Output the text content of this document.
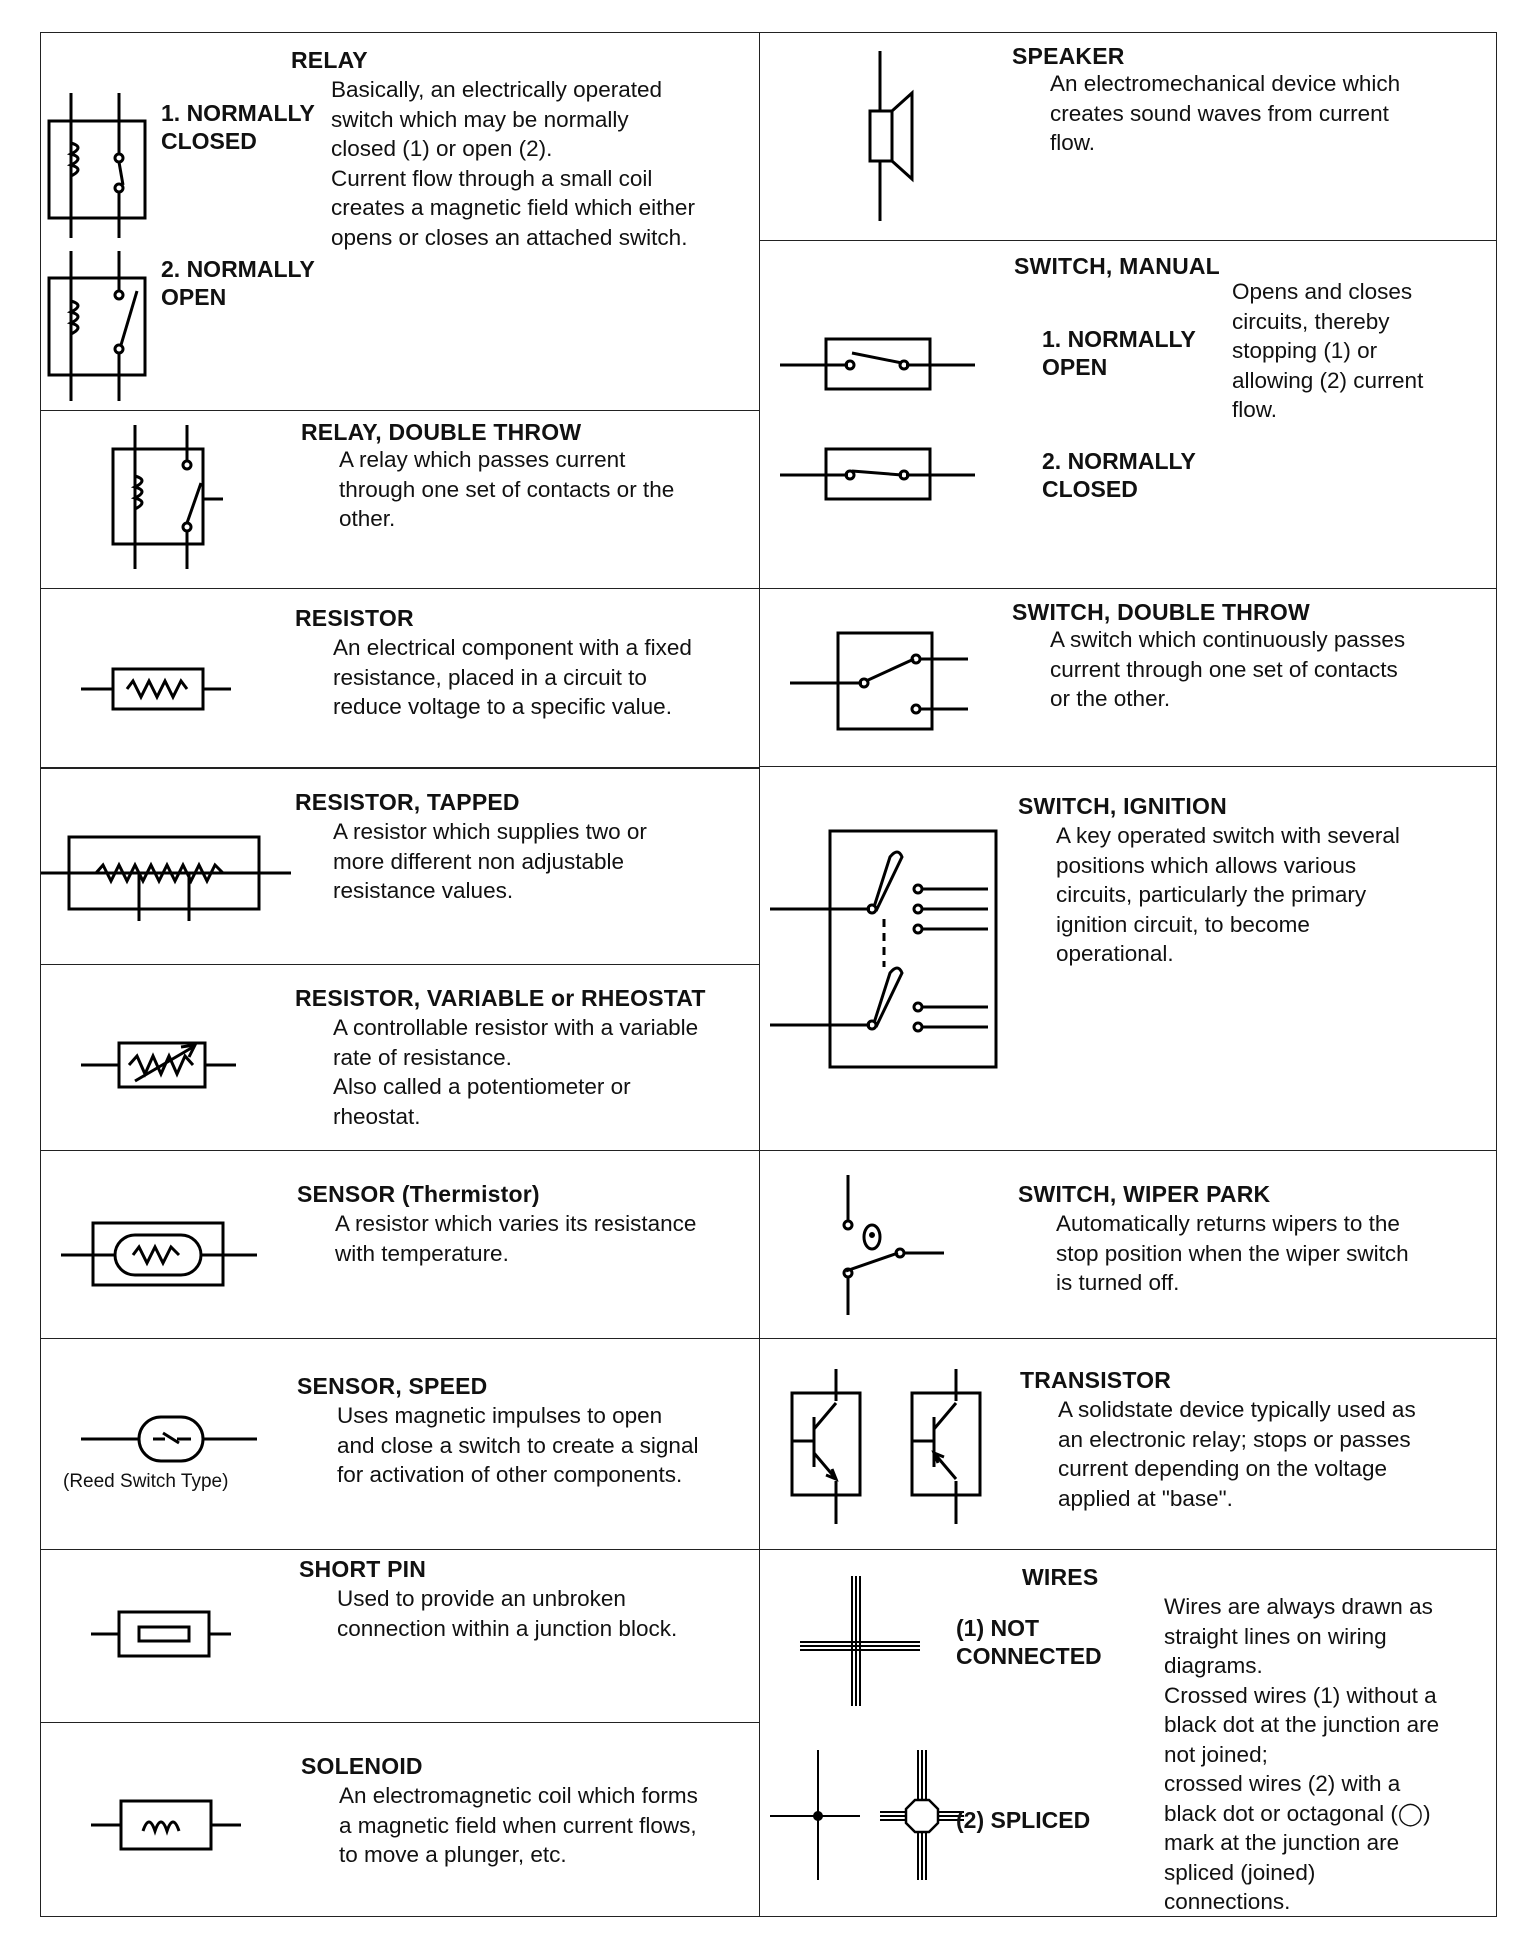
RELAY
Basically, an electrically operated
switch which may be normally
closed (1) or open (2).
Current flow through a small coil
creates a magnetic field which either
opens or closes an attached switch.
1. NORMALLY
CLOSED
2. NORMALLY
OPEN
RELAY, DOUBLE THROW
A relay which passes current
through one set of contacts or the
other.
RESISTOR
An electrical component with a fixed
resistance, placed in a circuit to
reduce voltage to a specific value.
RESISTOR, TAPPED
A resistor which supplies two or
more different non adjustable
resistance values.
RESISTOR, VARIABLE or RHEOSTAT
A controllable resistor with a variable
rate of resistance.
Also called a potentiometer or
rheostat.
SENSOR (Thermistor)
A resistor which varies its resistance
with temperature.
(Reed Switch Type)
SENSOR, SPEED
Uses magnetic impulses to open
and close a switch to create a signal
for activation of other components.
SHORT PIN
Used to provide an unbroken
connection within a junction block.
SOLENOID
An electromagnetic coil which forms
a magnetic field when current flows,
to move a plunger, etc.
SPEAKER
An electromechanical device which
creates sound waves from current
flow.
SWITCH, MANUAL
1. NORMALLY
OPEN
2. NORMALLY
CLOSED
Opens and closes
circuits, thereby
stopping (1) or
allowing (2) current
flow.
SWITCH, DOUBLE THROW
A switch which continuously passes
current through one set of contacts
or the other.
SWITCH, IGNITION
A key operated switch with several
positions which allows various
circuits, particularly the primary
ignition circuit, to become
operational.
SWITCH, WIPER PARK
Automatically returns wipers to the
stop position when the wiper switch
is turned off.
TRANSISTOR
A solidstate device typically used as
an electronic relay; stops or passes
current depending on the voltage
applied at "base".
WIRES
(1) NOT
CONNECTED
(2) SPLICED
Wires are always drawn as
straight lines on wiring
diagrams.
Crossed wires (1) without a
black dot at the junction are
not joined;
crossed wires (2) with a
black dot or octagonal (◯)
mark at the junction are
spliced (joined)
connections.
